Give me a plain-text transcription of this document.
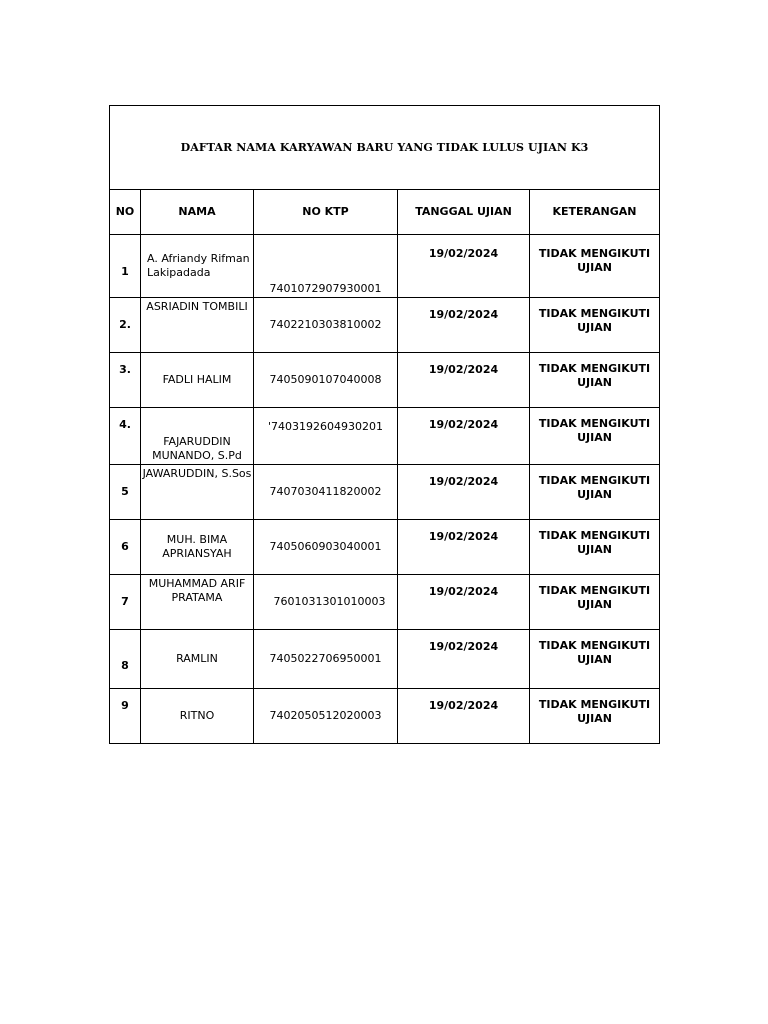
DAFTAR NAMA KARYAWAN BARU YANG TIDAK LULUS UJIAN K3				
NO	NAMA	NO KTP	TANGGAL UJIAN	KETERANGAN
1	A. Afriandy Rifman Lakipadada	7401072907930001	19/02/2024	TIDAK MENGIKUTI UJIAN
2.	ASRIADIN TOMBILI	7402210303810002	19/02/2024	TIDAK MENGIKUTI UJIAN
3.	FADLI HALIM	7405090107040008	19/02/2024	TIDAK MENGIKUTI UJIAN
4.	FAJARUDDIN MUNANDO, S.Pd	'7403192604930201	19/02/2024	TIDAK MENGIKUTI UJIAN
5	JAWARUDDIN, S.Sos	7407030411820002	19/02/2024	TIDAK MENGIKUTI UJIAN
6	MUH. BIMA APRIANSYAH	7405060903040001	19/02/2024	TIDAK MENGIKUTI UJIAN
7	MUHAMMAD ARIF PRATAMA	7601031301010003	19/02/2024	TIDAK MENGIKUTI UJIAN
8	RAMLIN	7405022706950001	19/02/2024	TIDAK MENGIKUTI UJIAN
9	RITNO	7402050512020003	19/02/2024	TIDAK MENGIKUTI UJIAN
